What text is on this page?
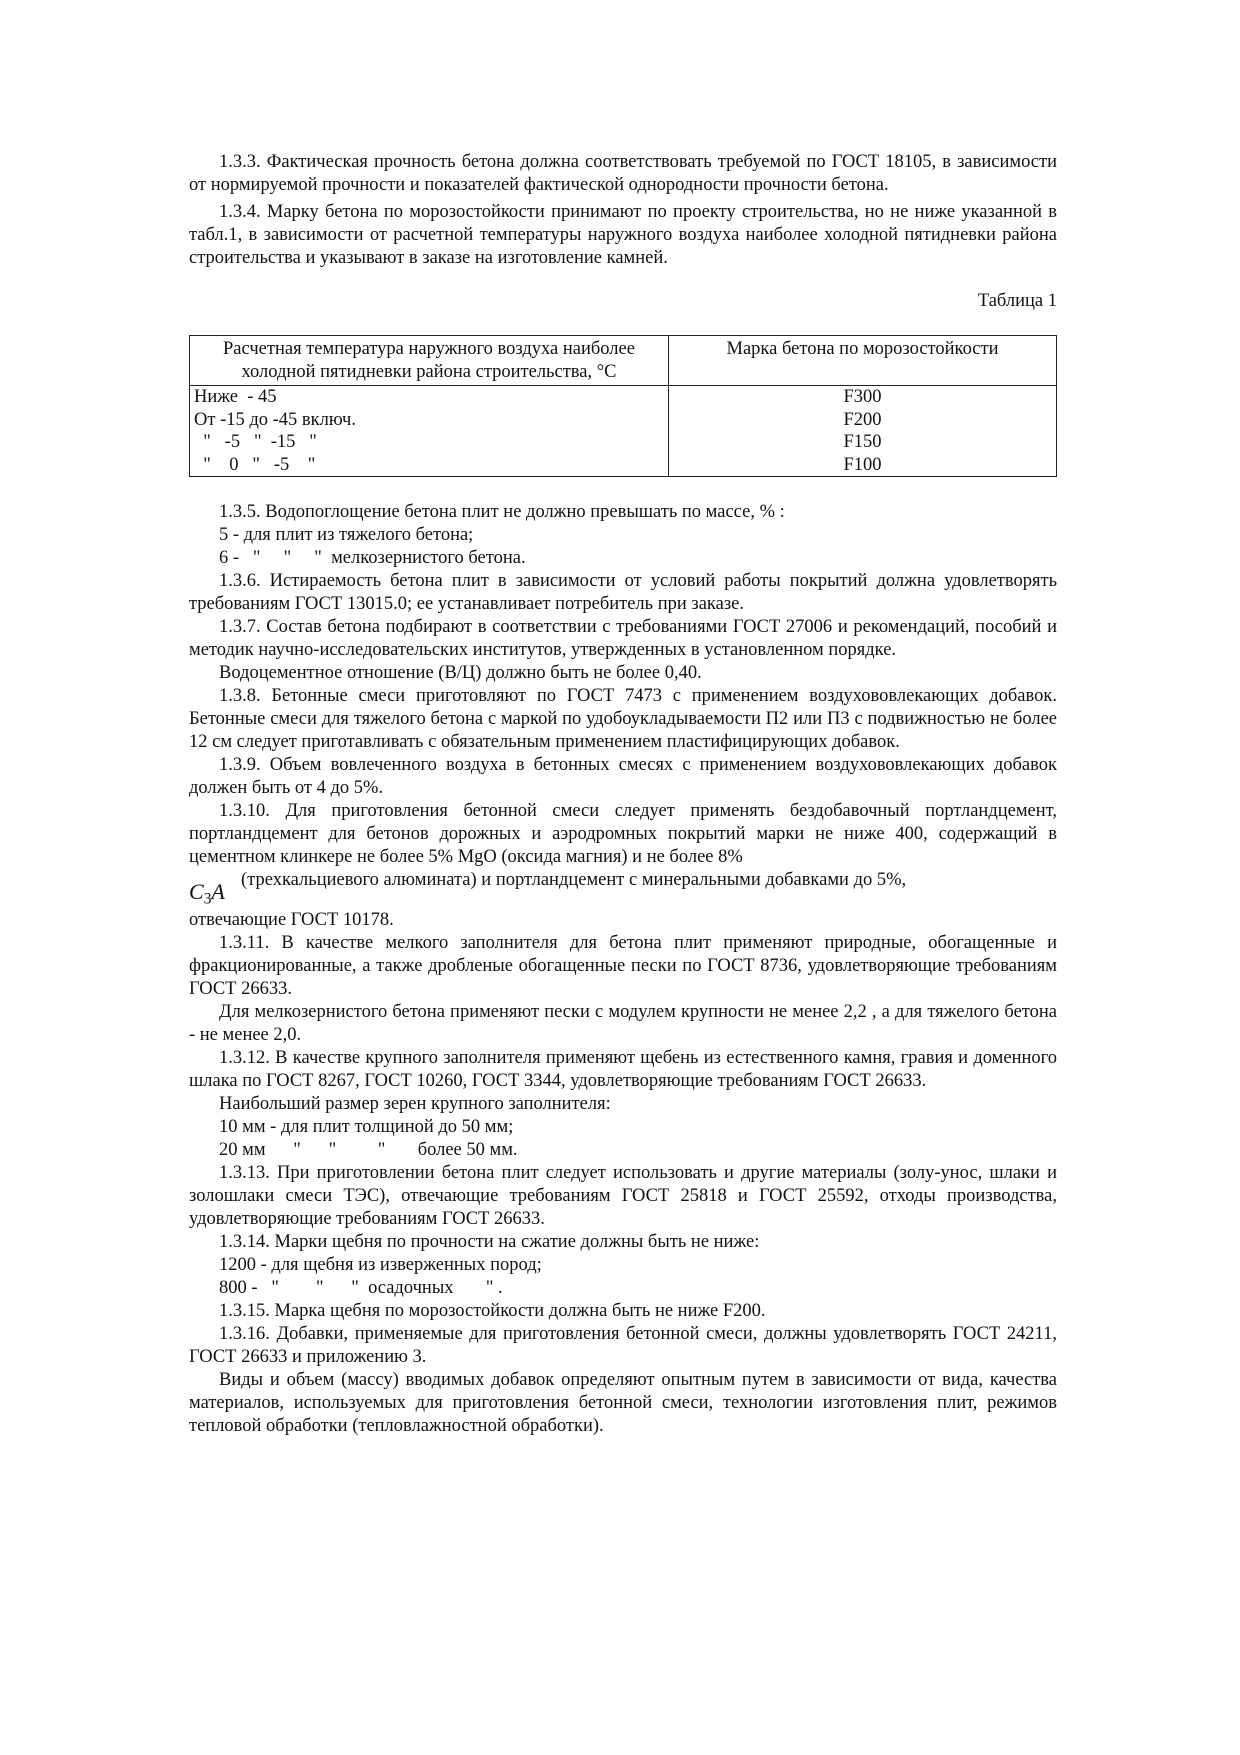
1.3.3. Фактическая прочность бетона должна соответствовать требуемой по ГОСТ 18105, в зависимости от нормируемой прочности и показателей фактической однородности прочности бетона.

1.3.4. Марку бетона по морозостойкости принимают по проекту строительства, но не ниже указанной в табл.1, в зависимости от расчетной температуры наружного воздуха наиболее холодной пятидневки района строительства и указывают в заказе на изготовление камней.

Таблица 1
Расчетная температура наружного воздуха наиболее холодной пятидневки района строительства, °С	Марка бетона по морозостойкости
Ниже  - 45	F300
От -15 до -45 включ.	F200
"   -5   "  -15   "	F150
"    0   "   -5    "	F100

1.3.5. Водопоглощение бетона плит не должно превышать по массе, % :

5 - для плит из тяжелого бетона;

6 -   "     "     "  мелкозернистого бетона.

1.3.6. Истираемость бетона плит в зависимости от условий работы покрытий должна удовлетворять требованиям ГОСТ 13015.0; ее устанавливает потребитель при заказе.

1.3.7. Состав бетона подбирают в соответствии с требованиями ГОСТ 27006 и рекомендаций, пособий и методик научно-исследовательских институтов, утвержденных в установленном порядке.

Водоцементное отношение (В/Ц) должно быть не более 0,40.

1.3.8. Бетонные смеси приготовляют по ГОСТ 7473 с применением воздухововлекающих добавок. Бетонные смеси для тяжелого бетона с маркой по удобоукладываемости П2 или П3 с подвижностью не более 12 см следует приготавливать с обязательным применением пластифицирующих добавок.

1.3.9. Объем вовлеченного воздуха в бетонных смесях с применением воздухововлекающих добавок должен быть от 4 до 5%.

1.3.10. Для приготовления бетонной смеси следует применять бездобавочный портландцемент, портландцемент для бетонов дорожных и аэродромных покрытий марки не ниже 400, содержащий в цементном клинкере не более 5% MgO (оксида магния) и не более 8%

$C_3A$ (трехкальциевого алюмината) и портландцемент с минеральными добавками до 5%,

отвечающие ГОСТ 10178.

1.3.11. В качестве мелкого заполнителя для бетона плит применяют природные, обогащенные и фракционированные, а также дробленые обогащенные пески по ГОСТ 8736, удовлетворяющие требованиям ГОСТ 26633.

Для мелкозернистого бетона применяют пески с модулем крупности не менее 2,2 , а для тяжелого бетона - не менее 2,0.

1.3.12. В качестве крупного заполнителя применяют щебень из естественного камня, гравия и доменного шлака по ГОСТ 8267, ГОСТ 10260, ГОСТ 3344, удовлетворяющие требованиям ГОСТ 26633.

Наибольший размер зерен крупного заполнителя:

10 мм - для плит толщиной до 50 мм;

20 мм      "      "         "       более 50 мм.

1.3.13. При приготовлении бетона плит следует использовать и другие материалы (золу-унос, шлаки и золошлаки смеси ТЭС), отвечающие требованиям ГОСТ 25818 и ГОСТ 25592, отходы производства, удовлетворяющие требованиям ГОСТ 26633.

1.3.14. Марки щебня по прочности на сжатие должны быть не ниже:

1200 - для щебня из изверженных пород;

800 -   "        "      "  осадочных       " .

1.3.15. Марка щебня по морозостойкости должна быть не ниже F200.

1.3.16. Добавки, применяемые для приготовления бетонной смеси, должны удовлетворять ГОСТ 24211, ГОСТ 26633 и приложению 3.

Виды и объем (массу) вводимых добавок определяют опытным путем в зависимости от вида, качества материалов, используемых для приготовления бетонной смеси, технологии изготовления плит, режимов тепловой обработки (тепловлажностной обработки).
